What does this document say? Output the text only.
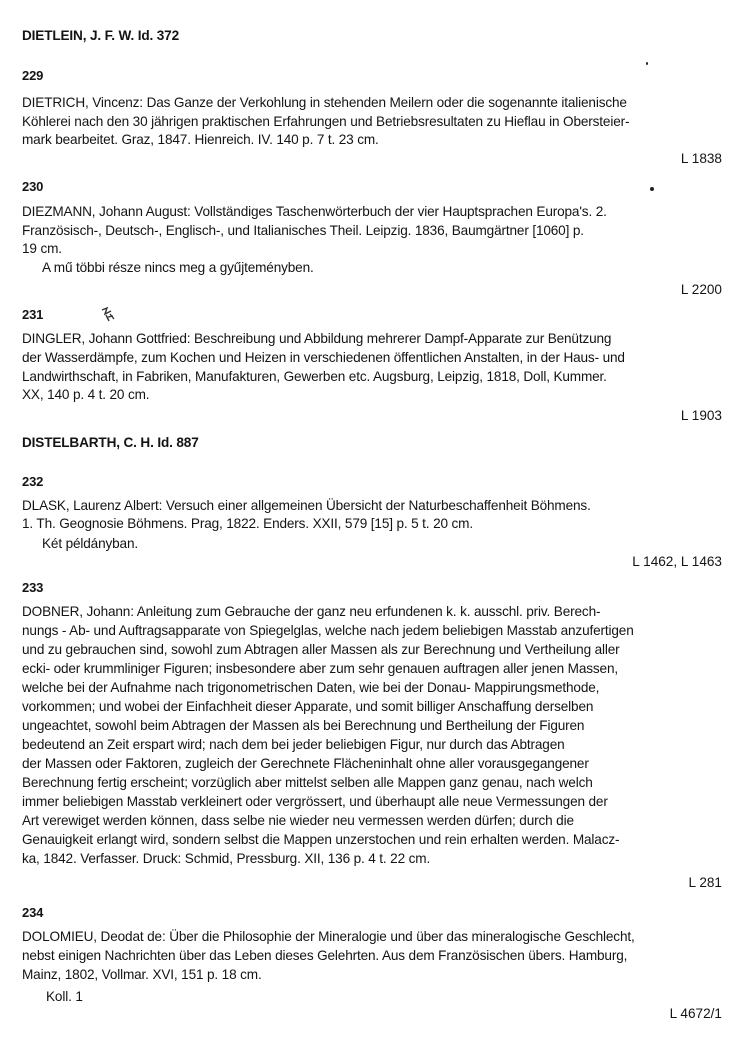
DIETLEIN, J. F. W. Id. 372
229
DIETRICH, Vincenz: Das Ganze der Verkohlung in stehenden Meilern oder die sogenannte italienische
Köhlerei nach den 30 jährigen praktischen Erfahrungen und Betriebsresultaten zu Hieflau in Obersteier-
mark bearbeitet. Graz, 1847. Hienreich. IV. 140 p. 7 t. 23 cm.
L 1838
230
DIEZMANN, Johann August: Vollständiges Taschenwörterbuch der vier Hauptsprachen Europa's. 2.
Französisch-, Deutsch-, Englisch-, und Italianisches Theil. Leipzig. 1836, Baumgärtner [1060] p.
19 cm.
A mű többi része nincs meg a gyűjteményben.
L 2200
231
DINGLER, Johann Gottfried: Beschreibung und Abbildung mehrerer Dampf-Apparate zur Benützung
der Wasserdämpfe, zum Kochen und Heizen in verschiedenen öffentlichen Anstalten, in der Haus- und
Landwirthschaft, in Fabriken, Manufakturen, Gewerben etc. Augsburg, Leipzig, 1818, Doll, Kummer.
XX, 140 p. 4 t. 20 cm.
L 1903
DISTELBARTH, C. H. Id. 887
232
DLASK, Laurenz Albert: Versuch einer allgemeinen Übersicht der Naturbeschaffenheit Böhmens.
1. Th. Geognosie Böhmens. Prag, 1822. Enders. XXII, 579 [15] p. 5 t. 20 cm.
Két példányban.
L 1462, L 1463
233
DOBNER, Johann: Anleitung zum Gebrauche der ganz neu erfundenen k. k. ausschl. priv. Berech-
nungs - Ab- und Auftragsapparate von Spiegelglas, welche nach jedem beliebigen Masstab anzufertigen
und zu gebrauchen sind, sowohl zum Abtragen aller Massen als zur Berechnung und Vertheilung aller
ecki- oder krummliniger Figuren; insbesondere aber zum sehr genauen auftragen aller jenen Massen,
welche bei der Aufnahme nach trigonometrischen Daten, wie bei der Donau- Mappirungsmethode,
vorkommen; und wobei der Einfachheit dieser Apparate, und somit billiger Anschaffung derselben
ungeachtet, sowohl beim Abtragen der Massen als bei Berechnung und Bertheilung der Figuren
bedeutend an Zeit erspart wird; nach dem bei jeder beliebigen Figur, nur durch das Abtragen
der Massen oder Faktoren, zugleich der Gerechnete Flächeninhalt ohne aller vorausgegangener
Berechnung fertig erscheint; vorzüglich aber mittelst selben alle Mappen ganz genau, nach welch
immer beliebigen Masstab verkleinert oder vergrössert, und überhaupt alle neue Vermessungen der
Art verewiget werden können, dass selbe nie wieder neu vermessen werden dürfen; durch die
Genauigkeit erlangt wird, sondern selbst die Mappen unzerstochen und rein erhalten werden. Malacz-
ka, 1842. Verfasser. Druck: Schmid, Pressburg. XII, 136 p. 4 t. 22 cm.
L 281
234
DOLOMIEU, Deodat de: Über die Philosophie der Mineralogie und über das mineralogische Geschlecht,
nebst einigen Nachrichten über das Leben dieses Gelehrten. Aus dem Französischen übers. Hamburg,
Mainz, 1802, Vollmar. XVI, 151 p. 18 cm.
Koll. 1
L 4672/1
